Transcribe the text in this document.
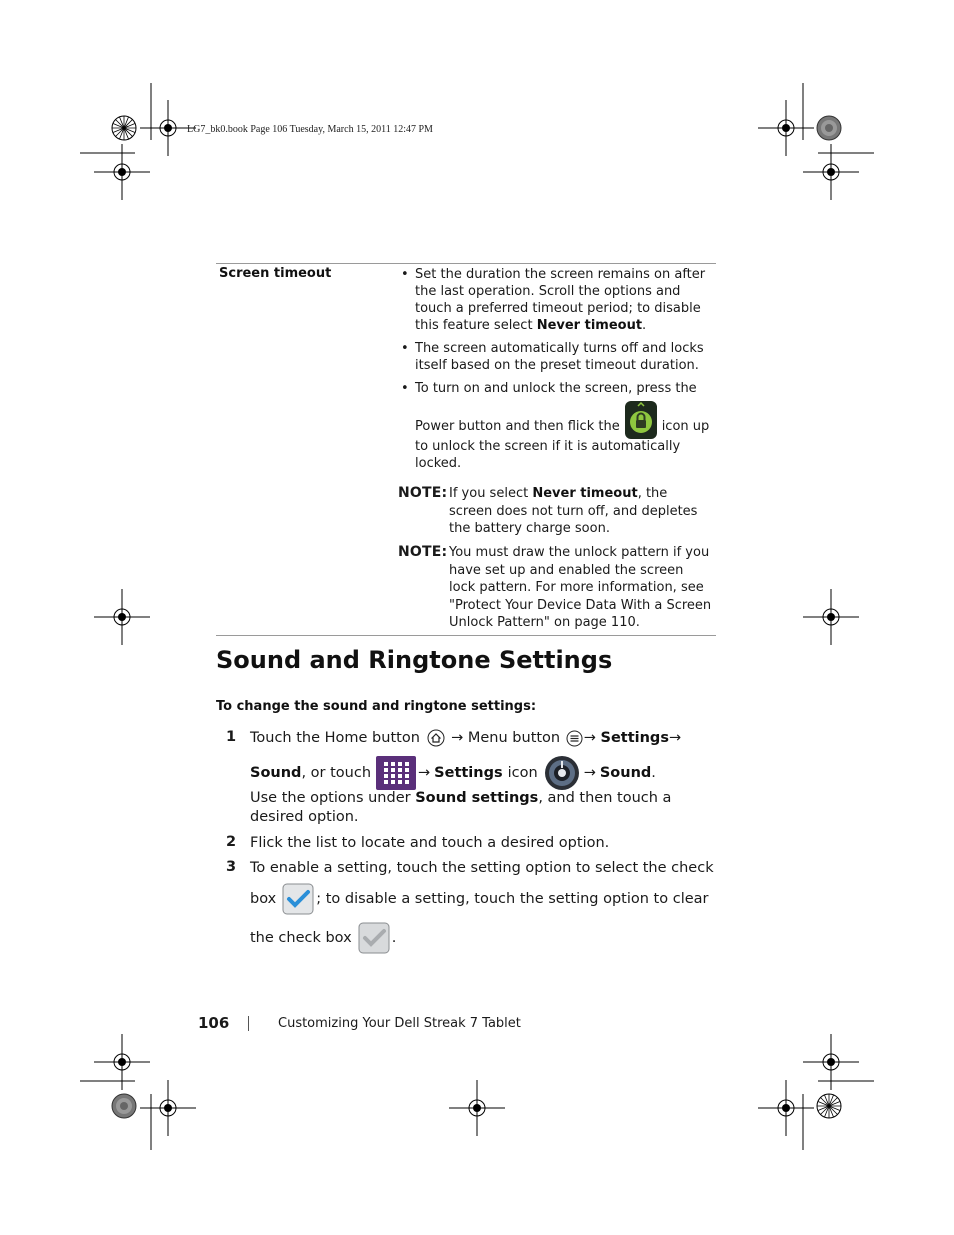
LG7_bk0.book Page 106 Tuesday, March 15, 2011 12:47 PM
Screen timeout
•	Set the duration the screen remains on after the last operation. Scroll the options and touch a preferred timeout period; to disable this feature select Never timeout.
• The screen automatically turns off and locks itself based on the preset timeout duration.
• To turn on and unlock the screen, press the
Power button and then flick the	icon up
to unlock the screen if it is automatically locked.
NOTE: If you select Never timeout, the screen does not turn off, and depletes the battery charge soon.
NOTE: You must draw the unlock pattern if you have set up and enabled the screen lock pattern. For more information, see "Protect Your Device Data With a Screen Unlock Pattern" on page 110.
Sound and Ringtone Settings
To change the sound and ringtone settings:
1 Touch the Home button → Menu button → Settings→
Sound , or touch	→ Settings icon	→ Sound .
Use the options under Sound settings, and then touch a desired option.
2 Flick the list to locate and touch a desired option.
3 To enable a setting, touch the setting option to select the check
box	; to disable a setting, touch the setting option to clear
the check box	.
106	Customizing Your Dell Streak 7 Tablet
